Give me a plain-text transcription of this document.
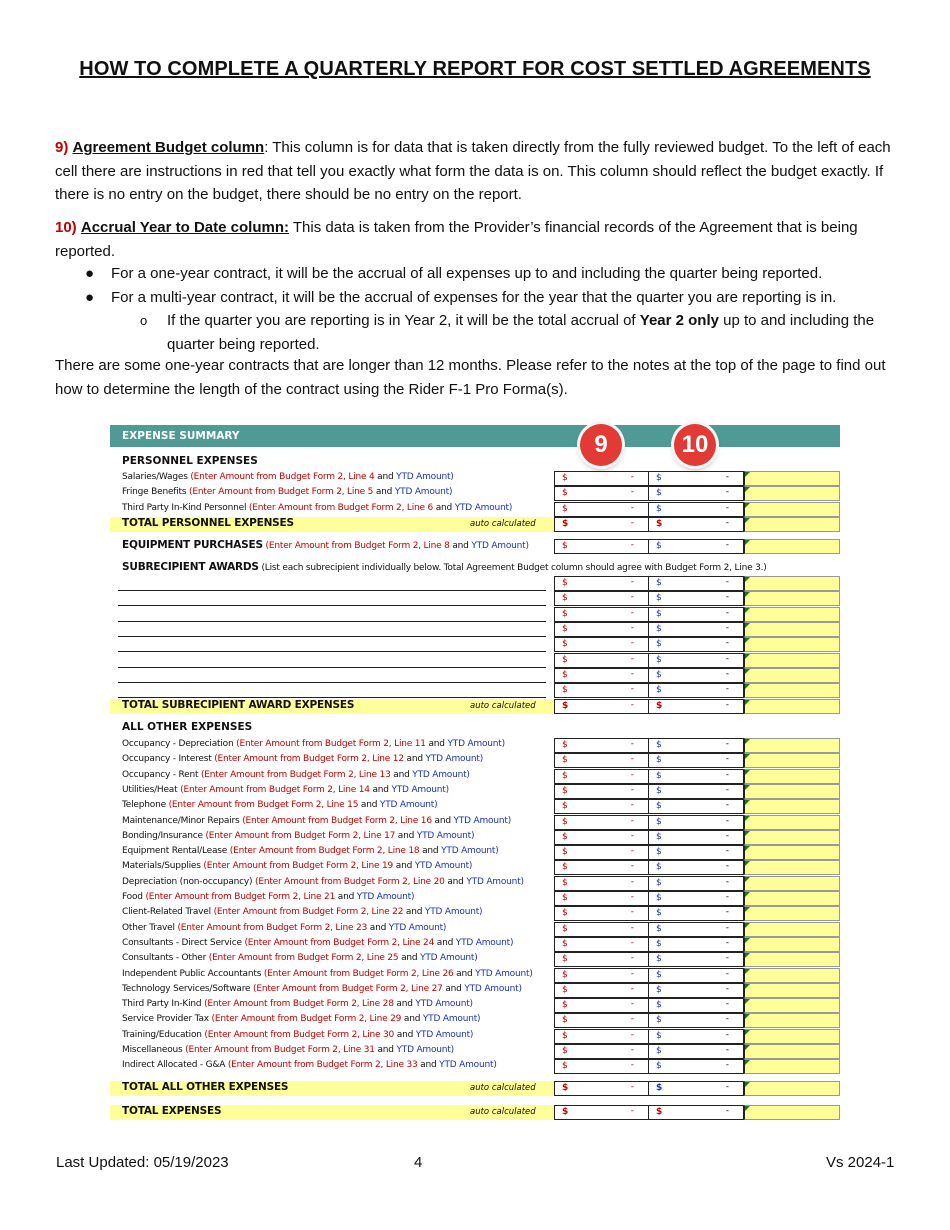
HOW TO COMPLETE A QUARTERLY REPORT FOR COST SETTLED AGREEMENTS
9) Agreement Budget column: This column is for data that is taken directly from the fully reviewed budget. To the left of each cell there are instructions in red that tell you exactly what form the data is on. This column should reflect the budget exactly. If there is no entry on the budget, there should be no entry on the report.
10) Accrual Year to Date column: This data is taken from the Provider’s financial records of the Agreement that is being reported.
● For a one-year contract, it will be the accrual of all expenses up to and including the quarter being reported.
● For a multi-year contract, it will be the accrual of expenses for the year that the quarter you are reporting is in.
o If the quarter you are reporting is in Year 2, it will be the total accrual of Year 2 only up to and including the quarter being reported.
There are some one-year contracts that are longer than 12 months. Please refer to the notes at the top of the page to find out how to determine the length of the contract using the Rider F-1 Pro Forma(s).
EXPENSE SUMMARY	9	10
PERSONNEL EXPENSES
Salaries/Wages (Enter Amount from Budget Form 2, Line 4 and YTD Amount)	$	- $	-
Fringe Benefits (Enter Amount from Budget Form 2, Line 5 and YTD Amount)	$	- $	-
Third Party In-Kind Personnel (Enter Amount from Budget Form 2, Line 6 and YTD Amount)	$	- $	-
TOTAL PERSONNEL EXPENSES	auto calculated	$	- $	-
EQUIPMENT PURCHASES (Enter Amount from Budget Form 2, Line 8 and YTD Amount)	$	- $	-
SUBRECIPIENT AWARDS (List each subrecipient individually below. Total Agreement Budget column should agree with Budget Form 2, Line 3.)
$	- $	-
$	- $	-
$	- $	-
$	- $	-
$	- $	-
$	- $	-
$	- $	-
$	- $	-
TOTAL SUBRECIPIENT AWARD EXPENSES	auto calculated	$	- $	-
ALL OTHER EXPENSES
Occupancy - Depreciation (Enter Amount from Budget Form 2, Line 11 and YTD Amount)	$	- $	-
Occupancy - Interest (Enter Amount from Budget Form 2, Line 12 and YTD Amount)	$	- $	-
Occupancy - Rent (Enter Amount from Budget Form 2, Line 13 and YTD Amount)	$	- $	-
Utilities/Heat (Enter Amount from Budget Form 2, Line 14 and YTD Amount)	$	- $	-
Telephone (Enter Amount from Budget Form 2, Line 15 and YTD Amount)	$	- $	-
Maintenance/Minor Repairs (Enter Amount from Budget Form 2, Line 16 and YTD Amount)	$	- $	-
Bonding/Insurance (Enter Amount from Budget Form 2, Line 17 and YTD Amount)	$	- $	-
Equipment Rental/Lease (Enter Amount from Budget Form 2, Line 18 and YTD Amount)	$	- $	-
Materials/Supplies (Enter Amount from Budget Form 2, Line 19 and YTD Amount)	$	- $	-
Depreciation (non-occupancy) (Enter Amount from Budget Form 2, Line 20 and YTD Amount)	$	- $	-
Food (Enter Amount from Budget Form 2, Line 21 and YTD Amount)	$	- $	-
Client-Related Travel (Enter Amount from Budget Form 2, Line 22 and YTD Amount)	$	- $	-
Other Travel (Enter Amount from Budget Form 2, Line 23 and YTD Amount)	$	- $	-
Consultants - Direct Service (Enter Amount from Budget Form 2, Line 24 and YTD Amount)	$	- $	-
Consultants - Other (Enter Amount from Budget Form 2, Line 25 and YTD Amount)	$	- $	-
Independent Public Accountants (Enter Amount from Budget Form 2, Line 26 and YTD Amount)	$	- $	-
Technology Services/Software (Enter Amount from Budget Form 2, Line 27 and YTD Amount)	$	- $	-
Third Party In-Kind (Enter Amount from Budget Form 2, Line 28 and YTD Amount)	$	- $	-
Service Provider Tax (Enter Amount from Budget Form 2, Line 29 and YTD Amount)	$	- $	-
Training/Education (Enter Amount from Budget Form 2, Line 30 and YTD Amount)	$	- $	-
Miscellaneous (Enter Amount from Budget Form 2, Line 31 and YTD Amount)	$	- $	-
Indirect Allocated - G&A (Enter Amount from Budget Form 2, Line 33 and YTD Amount)	$	- $	-
TOTAL ALL OTHER EXPENSES	auto calculated	$	- $	-
TOTAL EXPENSES	auto calculated	$	- $	-
Last Updated: 05/19/2023	4	Vs 2024-1
